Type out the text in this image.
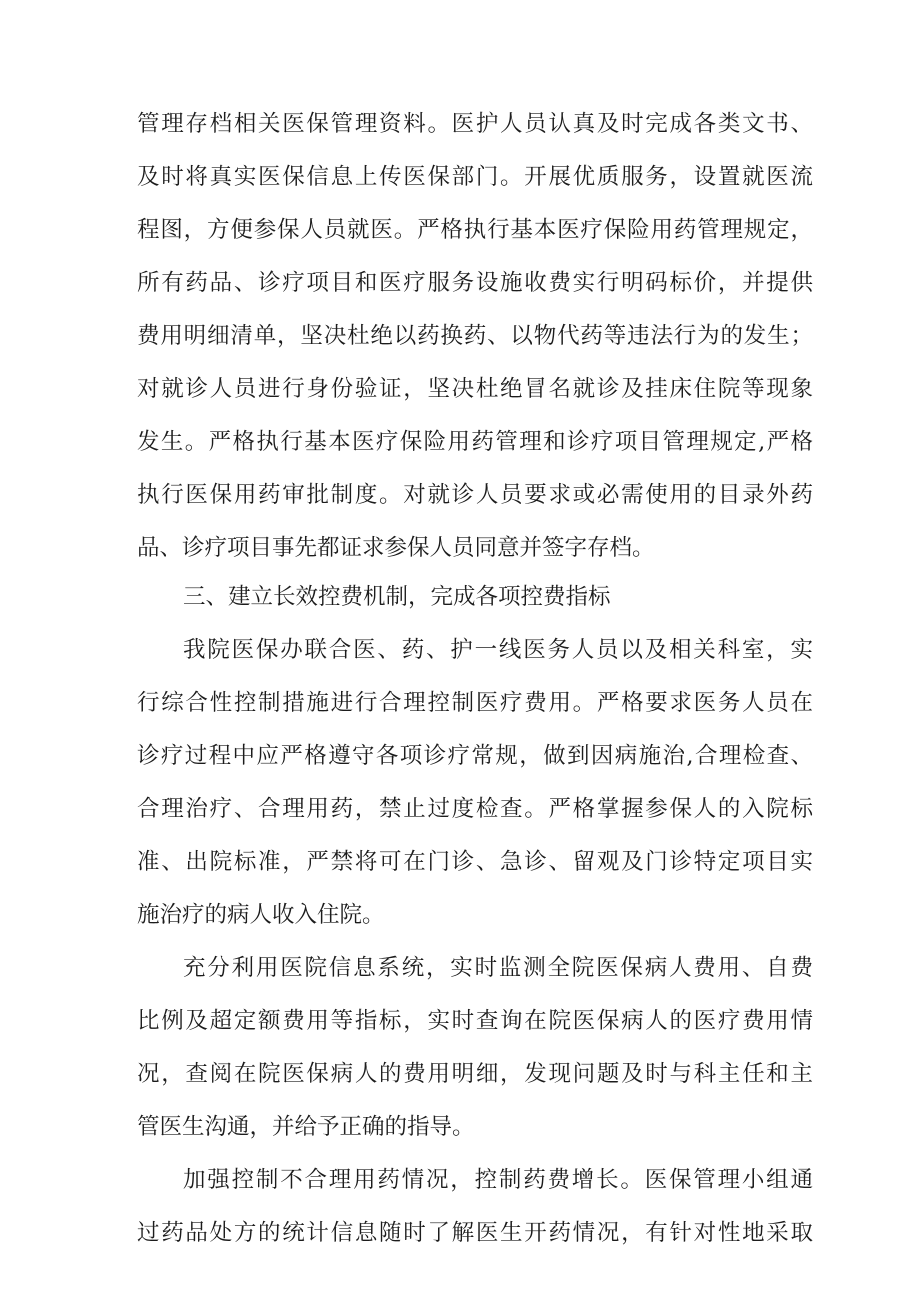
管理存档相关医保管理资料。医护人员认真及时完成各类文书、
及时将真实医保信息上传医保部门。开展优质服务，设置就医流
程图，方便参保人员就医。严格执行基本医疗保险用药管理规定，
所有药品、诊疗项目和医疗服务设施收费实行明码标价，并提供
费用明细清单，坚决杜绝以药换药、以物代药等违法行为的发生；
对就诊人员进行身份验证，坚决杜绝冒名就诊及挂床住院等现象
发生。严格执行基本医疗保险用药管理和诊疗项目管理规定,严格
执行医保用药审批制度。对就诊人员要求或必需使用的目录外药
品、诊疗项目事先都证求参保人员同意并签字存档。
三、建立长效控费机制，完成各项控费指标
我院医保办联合医、药、护一线医务人员以及相关科室，实
行综合性控制措施进行合理控制医疗费用。严格要求医务人员在
诊疗过程中应严格遵守各项诊疗常规，做到因病施治,合理检查、
合理治疗、合理用药，禁止过度检查。严格掌握参保人的入院标
准、出院标准，严禁将可在门诊、急诊、留观及门诊特定项目实
施治疗的病人收入住院。
充分利用医院信息系统，实时监测全院医保病人费用、自费
比例及超定额费用等指标，实时查询在院医保病人的医疗费用情
况，查阅在院医保病人的费用明细，发现问题及时与科主任和主
管医生沟通，并给予正确的指导。
加强控制不合理用药情况，控制药费增长。医保管理小组通
过药品处方的统计信息随时了解医生开药情况，有针对性地采取
